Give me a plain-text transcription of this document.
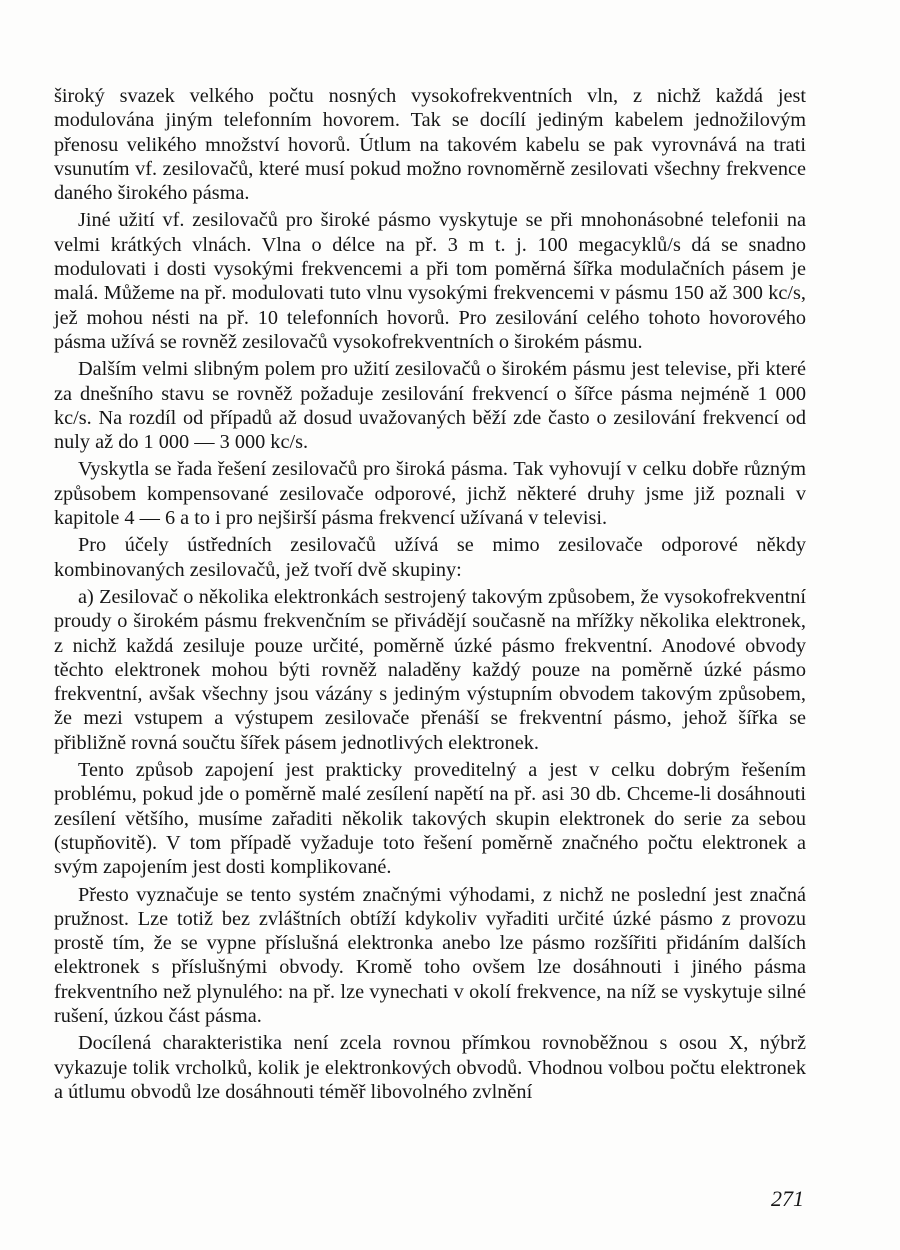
široký svazek velkého počtu nosných vysokofrekventních vln, z nichž každá jest modulována jiným telefonním hovorem. Tak se docílí jediným kabelem jednožilovým přenosu velikého množství hovorů. Útlum na takovém kabelu se pak vyrovnává na trati vsunutím vf. zesilovačů, které musí pokud možno rovnoměrně zesilovati všechny frekvence daného širokého pásma.

Jiné užití vf. zesilovačů pro široké pásmo vyskytuje se při mnohonásobné telefonii na velmi krátkých vlnách. Vlna o délce na př. 3 m t. j. 100 megacyklů/s dá se snadno modulovati i dosti vysokými frekvencemi a při tom poměrná šířka modulačních pásem je malá. Můžeme na př. modulovati tuto vlnu vysokými frekvencemi v pásmu 150 až 300 kc/s, jež mohou nésti na př. 10 telefonních hovorů. Pro zesilování celého tohoto hovorového pásma užívá se rovněž zesilovačů vysokofrekventních o širokém pásmu.

Dalším velmi slibným polem pro užití zesilovačů o širokém pásmu jest televise, při které za dnešního stavu se rovněž požaduje zesilování frekvencí o šířce pásma nejméně 1 000 kc/s. Na rozdíl od případů až dosud uvažovaných běží zde často o zesilování frekvencí od nuly až do 1 000 — 3 000 kc/s.

Vyskytla se řada řešení zesilovačů pro široká pásma. Tak vyhovují v celku dobře různým způsobem kompensované zesilovače odporové, jichž některé druhy jsme již poznali v kapitole 4 — 6 a to i pro nejširší pásma frekvencí užívaná v televisi.

Pro účely ústředních zesilovačů užívá se mimo zesilovače odporové někdy kombinovaných zesilovačů, jež tvoří dvě skupiny:

a) Zesilovač o několika elektronkách sestrojený takovým způsobem, že vysokofrekventní proudy o širokém pásmu frekvenčním se přivádějí současně na mřížky několika elektronek, z nichž každá zesiluje pouze určité, poměrně úzké pásmo frekventní. Anodové obvody těchto elektronek mohou býti rovněž naladěny každý pouze na poměrně úzké pásmo frekventní, avšak všechny jsou vázány s jediným výstupním obvodem takovým způsobem, že mezi vstupem a výstupem zesilovače přenáší se frekventní pásmo, jehož šířka se přibližně rovná součtu šířek pásem jednotlivých elektronek.

Tento způsob zapojení jest prakticky proveditelný a jest v celku dobrým řešením problému, pokud jde o poměrně malé zesílení napětí na př. asi 30 db. Chceme-li dosáhnouti zesílení většího, musíme zařaditi několik takových skupin elektronek do serie za sebou (stupňovitě). V tom případě vyžaduje toto řešení poměrně značného počtu elektronek a svým zapojením jest dosti komplikované.

Přesto vyznačuje se tento systém značnými výhodami, z nichž ne poslední jest značná pružnost. Lze totiž bez zvláštních obtíží kdykoliv vyřaditi určité úzké pásmo z provozu prostě tím, že se vypne příslušná elektronka anebo lze pásmo rozšířiti přidáním dalších elektronek s příslušnými obvody. Kromě toho ovšem lze dosáhnouti i jiného pásma frekventního než plynulého: na př. lze vynechati v okolí frekvence, na níž se vyskytuje silné rušení, úzkou část pásma.

Docílená charakteristika není zcela rovnou přímkou rovnoběžnou s osou X, nýbrž vykazuje tolik vrcholků, kolik je elektronkových obvodů. Vhodnou volbou počtu elektronek a útlumu obvodů lze dosáhnouti téměř libovolného zvlnění

271
